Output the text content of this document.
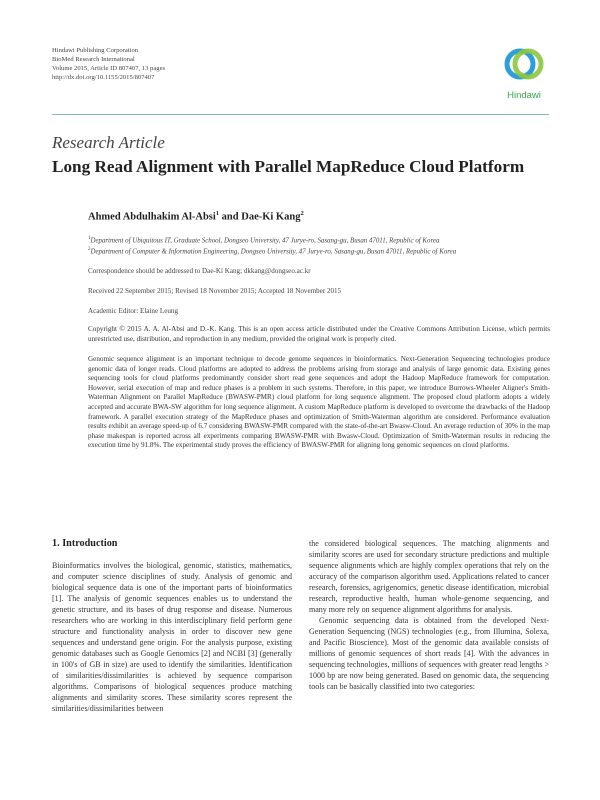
Hindawi Publishing Corporation
BioMed Research International
Volume 2015, Article ID 807407, 13 pages
http://dx.doi.org/10.1155/2015/807407
Hindawi
Research Article
Long Read Alignment with Parallel MapReduce Cloud Platform
Ahmed Abdulhakim Al-Absi$^1$ and Dae-Ki Kang$^2$
$^1$Department of Ubiquitous IT, Graduate School, Dongseo University, 47 Jurye-ro, Sasang-gu, Busan 47011, Republic of Korea
$^2$Department of Computer & Information Engineering, Dongseo University, 47 Jurye-ro, Sasang-gu, Busan 47011, Republic of Korea
Correspondence should be addressed to Dae-Ki Kang; dkkang@dongseo.ac.kr
Received 22 September 2015; Revised 18 November 2015; Accepted 18 November 2015
Academic Editor: Elaine Leung
Copyright © 2015 A. A. Al-Absi and D.-K. Kang. This is an open access article distributed under the Creative Commons Attribution License, which permits unrestricted use, distribution, and reproduction in any medium, provided the original work is properly cited.
Genomic sequence alignment is an important technique to decode genome sequences in bioinformatics. Next-Generation Sequencing technologies produce genomic data of longer reads. Cloud platforms are adopted to address the problems arising from storage and analysis of large genomic data. Existing genes sequencing tools for cloud platforms predominantly consider short read gene sequences and adopt the Hadoop MapReduce framework for computation. However, serial execution of map and reduce phases is a problem in such systems. Therefore, in this paper, we introduce Burrows-Wheeler Aligner's Smith-Waterman Alignment on Parallel MapReduce (BWASW-PMR) cloud platform for long sequence alignment. The proposed cloud platform adopts a widely accepted and accurate BWA-SW algorithm for long sequence alignment. A custom MapReduce platform is developed to overcome the drawbacks of the Hadoop framework. A parallel execution strategy of the MapReduce phases and optimization of Smith-Waterman algorithm are considered. Performance evaluation results exhibit an average speed-up of 6.7 considering BWASW-PMR compared with the state-of-the-art Bwasw-Cloud. An average reduction of 30% in the map phase makespan is reported across all experiments comparing BWASW-PMR with Bwasw-Cloud. Optimization of Smith-Waterman results in reducing the execution time by 91.8%. The experimental study proves the efficiency of BWASW-PMR for aligning long genomic sequences on cloud platforms.
1. Introduction

Bioinformatics involves the biological, genomic, statistics, mathematics, and computer science disciplines of study. Analysis of genomic and biological sequence data is one of the important parts of bioinformatics [1]. The analysis of genomic sequences enables us to understand the genetic structure, and its bases of drug response and disease. Numerous researchers who are working in this interdisciplinary field perform gene structure and functionality analysis in order to discover new gene sequences and understand gene origin. For the analysis purpose, existing genomic databases such as Google Genomics [2] and NCBI [3] (generally in 100's of GB in size) are used to identify the similarities. Identification of similarities/dissimilarities is achieved by sequence comparison algorithms. Comparisons of biological sequences produce matching alignments and similarity scores. These similarity scores represent the similarities/dissimilarities between

the considered biological sequences. The matching alignments and similarity scores are used for secondary structure predictions and multiple sequence alignments which are highly complex operations that rely on the accuracy of the comparison algorithm used. Applications related to cancer research, forensics, agrigenomics, genetic disease identification, microbial research, reproductive health, human whole-genome sequencing, and many more rely on sequence alignment algorithms for analysis.

Genomic sequencing data is obtained from the developed Next-Generation Sequencing (NGS) technologies (e.g., from Illumina, Solexa, and Pacific Bioscience). Most of the genomic data available consists of millions of genomic sequences of short reads [4]. With the advances in sequencing technologies, millions of sequences with greater read lengths > 1000 bp are now being generated. Based on genomic data, the sequencing tools can be basically classified into two categories:
